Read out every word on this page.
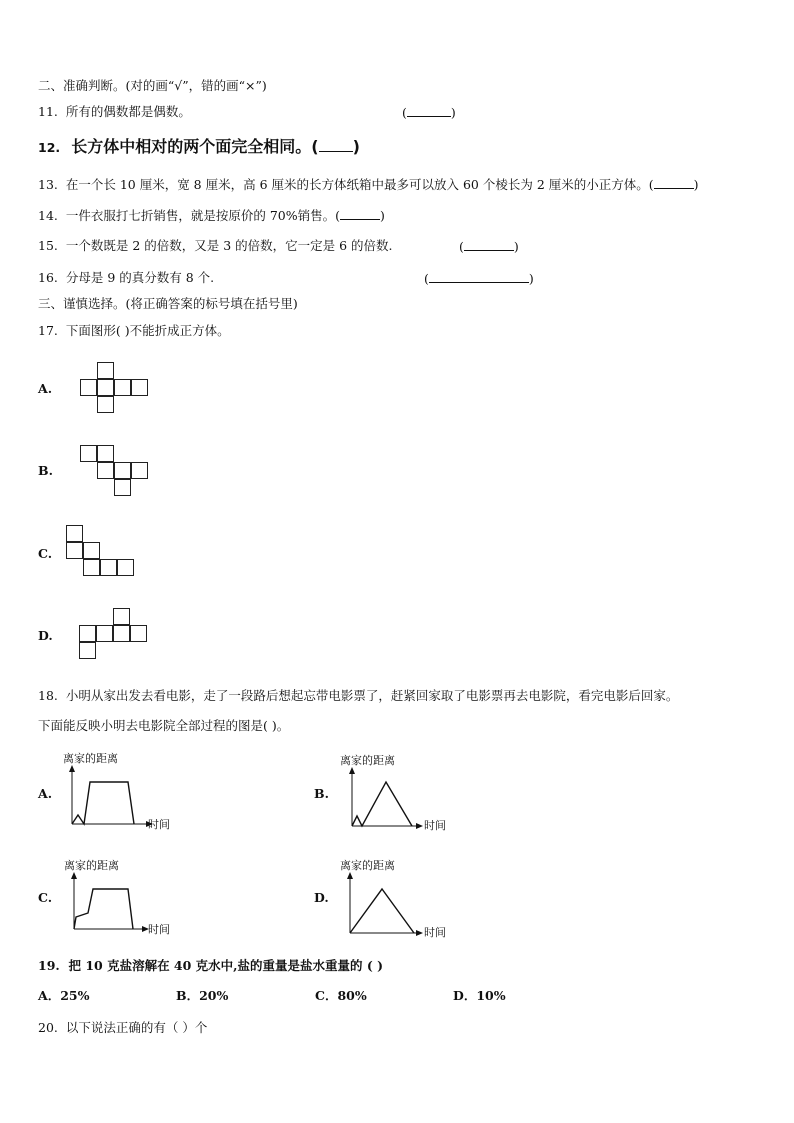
二、准确判断。(对的画“√”，错的画“×”)
11. 所有的偶数都是偶数。	(	)
12. 长方体中相对的两个面完全相同。( )
13. 在一个长 10 厘米，宽 8 厘米，高 6 厘米的长方体纸箱中最多可以放入 60 个棱长为 2 厘米的小正方体。(	)
14. 一件衣服打七折销售，就是按原价的 70%销售。(	)
15. 一个数既是 2 的倍数，又是 3 的倍数，它一定是 6 的倍数.	(	)
16. 分母是 9 的真分数有 8 个.	(	)
三、谨慎选择。(将正确答案的标号填在括号里)
17. 下面图形( )不能折成正方体。
A.
B.
C.
D.
18. 小明从家出发去看电影，走了一段路后想起忘带电影票了，赶紧回家取了电影票再去电影院，看完电影后回家。
下面能反映小明去电影院全部过程的图是( )。
A.
离家的距离
时间
B.
离家的距离
时间
C.
离家的距离
时间
D.
离家的距离
时间
19. 把 10 克盐溶解在 40 克水中,盐的重量是盐水重量的 ( )
A．25%	B．20%	C．80%	D．10%
20. 以下说法正确的有（ ）个
